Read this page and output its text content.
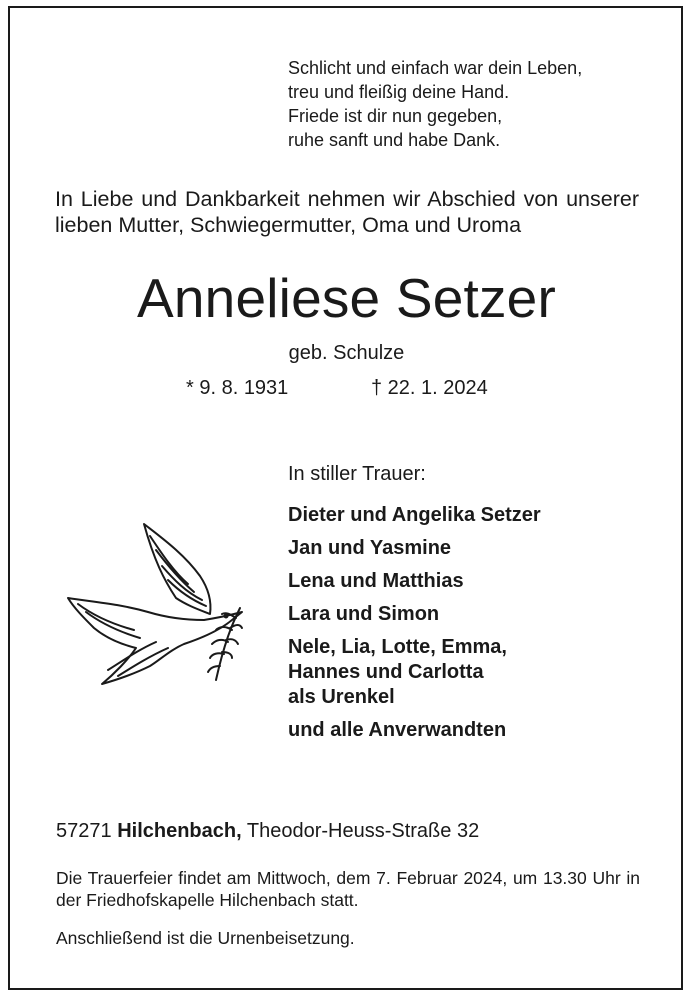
Schlicht und einfach war dein Leben,
treu und fleißig deine Hand.
Friede ist dir nun gegeben,
ruhe sanft und habe Dank.
In Liebe und Dankbarkeit nehmen wir Abschied von unserer lieben Mutter, Schwiegermutter, Oma und Uroma
Anneliese Setzer
geb. Schulze
* 9. 8. 1931	† 22. 1. 2024
In stiller Trauer:
Dieter und Angelika Setzer
Jan und Yasmine
Lena und Matthias
Lara und Simon
Nele, Lia, Lotte, Emma,
Hannes und Carlotta
als Urenkel
und alle Anverwandten
57271 Hilchenbach, Theodor-Heuss-Straße 32
Die Trauerfeier findet am Mittwoch, dem 7. Februar 2024, um 13.30 Uhr in der Friedhofskapelle Hilchenbach statt.
Anschließend ist die Urnenbeisetzung.
